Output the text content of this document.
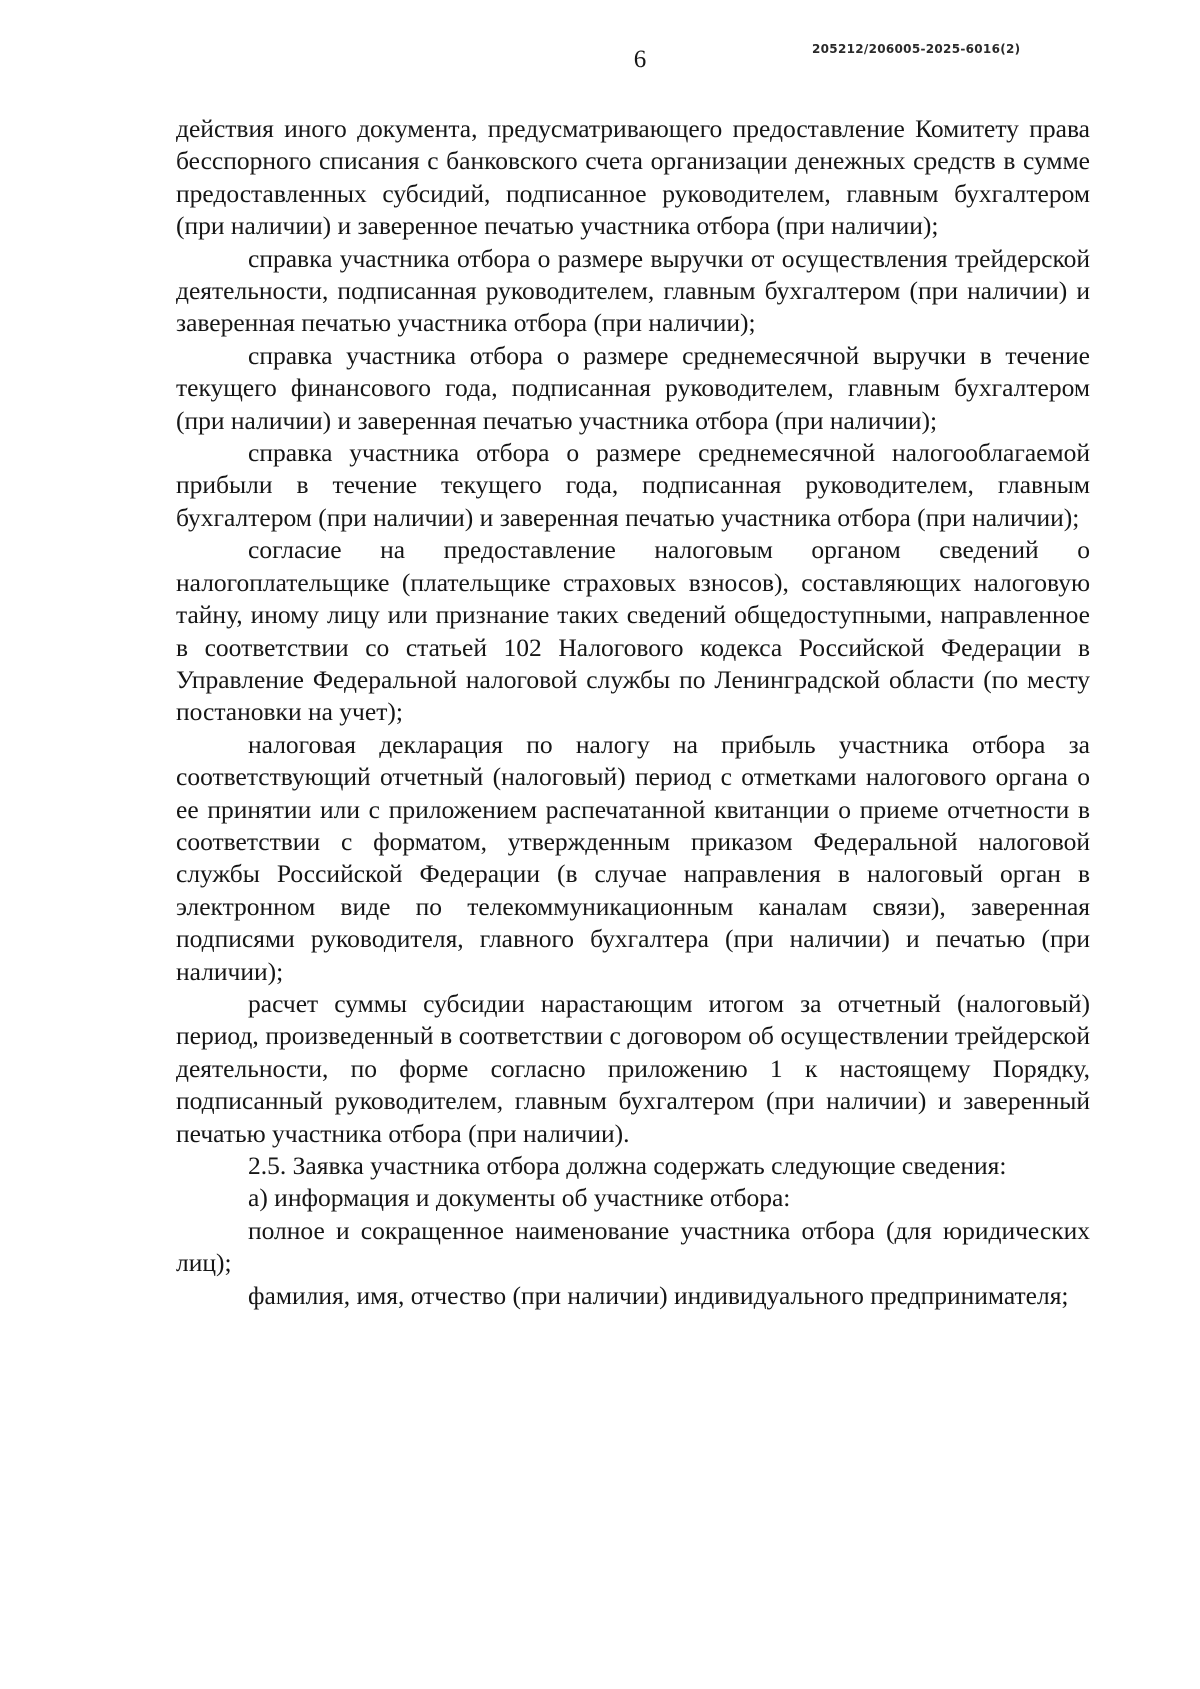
6	205212/206005-2025-6016(2)

действия иного документа, предусматривающего предоставление Комитету права бесспорного списания с банковского счета организации денежных средств в сумме предоставленных субсидий, подписанное руководителем, главным бухгалтером (при наличии) и заверенное печатью участника отбора (при наличии);

справка участника отбора о размере выручки от осуществления трейдерской деятельности, подписанная руководителем, главным бухгалтером (при наличии) и заверенная печатью участника отбора (при наличии);

справка участника отбора о размере среднемесячной выручки в течение текущего финансового года, подписанная руководителем, главным бухгалтером (при наличии) и заверенная печатью участника отбора (при наличии);

справка участника отбора о размере среднемесячной налогооблагаемой прибыли в течение текущего года, подписанная руководителем, главным бухгалтером (при наличии) и заверенная печатью участника отбора (при наличии);

согласие на предоставление налоговым органом сведений о налогоплательщике (плательщике страховых взносов), составляющих налоговую тайну, иному лицу или признание таких сведений общедоступными, направленное в соответствии со статьей 102 Налогового кодекса Российской Федерации в Управление Федеральной налоговой службы по Ленинградской области (по месту постановки на учет);

налоговая декларация по налогу на прибыль участника отбора за соответствующий отчетный (налоговый) период с отметками налогового органа о ее принятии или с приложением распечатанной квитанции о приеме отчетности в соответствии с форматом, утвержденным приказом Федеральной налоговой службы Российской Федерации (в случае направления в налоговый орган в электронном виде по телекоммуникационным каналам связи), заверенная подписями руководителя, главного бухгалтера (при наличии) и печатью (при наличии);

расчет суммы субсидии нарастающим итогом за отчетный (налоговый) период, произведенный в соответствии с договором об осуществлении трейдерской деятельности, по форме согласно приложению 1 к настоящему Порядку, подписанный руководителем, главным бухгалтером (при наличии) и заверенный печатью участника отбора (при наличии).

2.5. Заявка участника отбора должна содержать следующие сведения:

а) информация и документы об участнике отбора:

полное и сокращенное наименование участника отбора (для юридических лиц);

фамилия, имя, отчество (при наличии) индивидуального предпринимателя;
